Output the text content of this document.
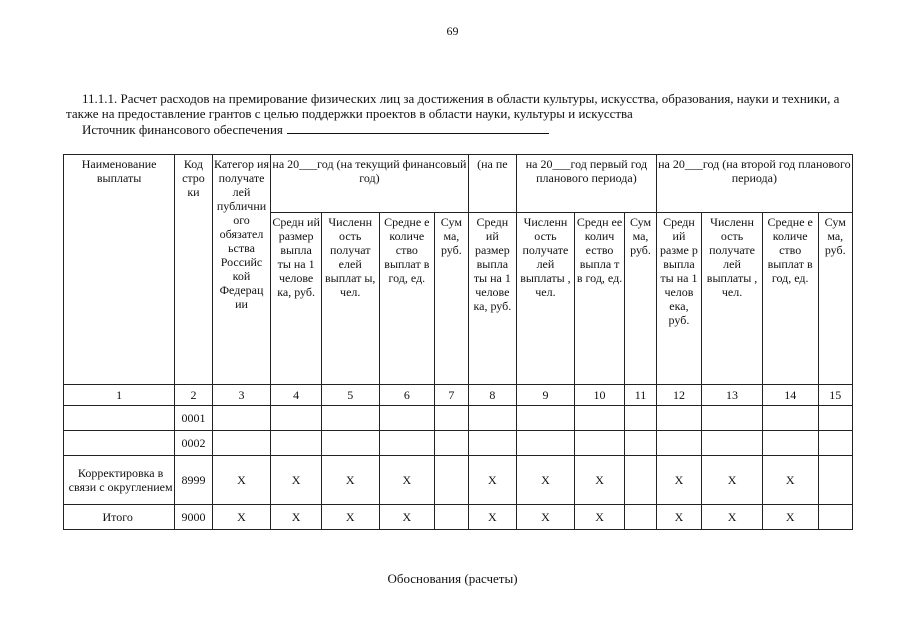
69
11.1.1. Расчет расходов на премирование физических лиц за достижения в области культуры, искусства, образования, науки и техники, а также на предоставление грантов с целью поддержки проектов в области науки, культуры и искусства
Источник финансового обеспечения
Наименование выплаты	Код стро ки	Категор ия получате лей публични ого обязател ьства Российс кой Федерац ии	на 20___год (на текущий финансовый год)				(на пе	на 20___год первый год планового периода)			на 20___год (на второй год планового периода)			
			Средн ий размер выпла ты на 1 челове ка, руб.	Численн ость получат елей выплат ы, чел.	Средне е количе ство выплат в год, ед.	Сум ма, руб.	Средн ий размер выпла ты на 1 челове ка, руб.	Численн ость получате лей выплаты , чел.	Средн ее колич ество выпла т в год, ед.	Сум ма, руб.	Средн ий разме р выпла ты на 1 челов ека, руб.	Численн ость получате лей выплаты , чел.	Средне е количе ство выплат в год, ед.	Сум ма, руб.
1	2	3	4	5	6	7	8	9	10	11	12	13	14	15
	0001													
	0002													
Корректировка в связи с округлением	8999	X	X	X	X		X	X	X		X	X	X	
Итого	9000	X	X	X	X		X	X	X		X	X	X	
Обоснования (расчеты)
